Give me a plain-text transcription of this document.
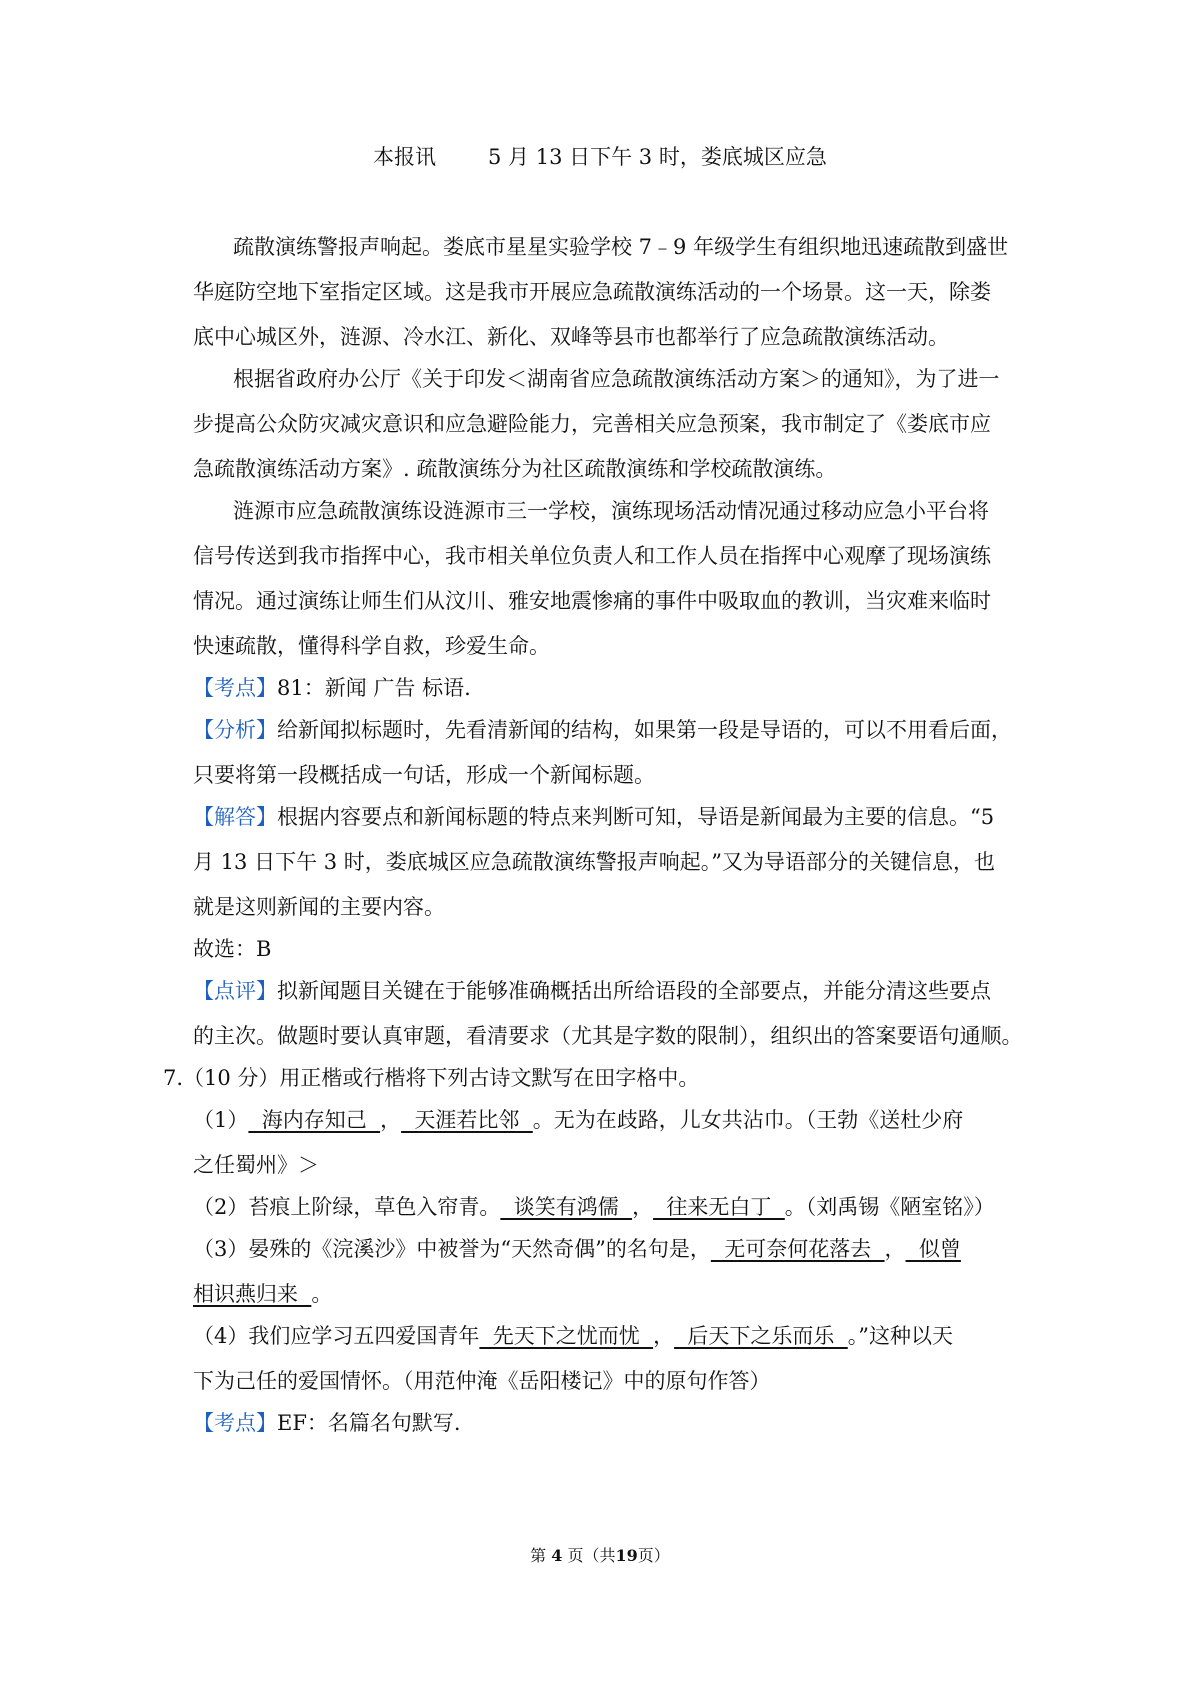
本报讯 5 月 13 日下午 3 时，娄底城区应急
疏散演练警报声响起。娄底市星星实验学校 7﹣9 年级学生有组织地迅速疏散到盛世
华庭防空地下室指定区域。这是我市开展应急疏散演练活动的一个场景。这一天，除娄
底中心城区外，涟源、冷水江、新化、双峰等县市也都举行了应急疏散演练活动。
根据省政府办公厅《关于印发＜湖南省应急疏散演练活动方案＞的通知》，为了进一
步提高公众防灾减灾意识和应急避险能力，完善相关应急预案，我市制定了《娄底市应
急疏散演练活动方案》. 疏散演练分为社区疏散演练和学校疏散演练。
涟源市应急疏散演练设涟源市三一学校，演练现场活动情况通过移动应急小平台将
信号传送到我市指挥中心，我市相关单位负责人和工作人员在指挥中心观摩了现场演练
情况。通过演练让师生们从汶川、雅安地震惨痛的事件中吸取血的教训，当灾难来临时
快速疏散，懂得科学自救，珍爱生命。
【考点】81：新闻 广告 标语.
【分析】给新闻拟标题时，先看清新闻的结构，如果第一段是导语的，可以不用看后面，
只要将第一段概括成一句话，形成一个新闻标题。
【解答】根据内容要点和新闻标题的特点来判断可知，导语是新闻最为主要的信息。“5
月 13 日下午 3 时，娄底城区应急疏散演练警报声响起。”又为导语部分的关键信息，也
就是这则新闻的主要内容。
故选：B
【点评】拟新闻题目关键在于能够准确概括出所给语段的全部要点，并能分清这些要点
的主次。做题时要认真审题，看清要求（尤其是字数的限制），组织出的答案要语句通顺。
7.（10 分）用正楷或行楷将下列古诗文默写在田字格中。
（1）  海内存知己  ，  天涯若比邻  。无为在歧路，儿女共沾巾。（王勃《送杜少府
之任蜀州》＞
（2）苔痕上阶绿，草色入帘青。  谈笑有鸿儒  ，  往来无白丁  。（刘禹锡《陋室铭》）
（3）晏殊的《浣溪沙》中被誉为“天然奇偶”的名句是，  无可奈何花落去  ，  似曾
相识燕归来  。
（4）我们应学习五四爱国青年  先天下之忧而忧  ，  后天下之乐而乐  。”这种以天
下为己任的爱国情怀。（用范仲淹《岳阳楼记》中的原句作答）
【考点】EF：名篇名句默写.
第 4 页（共19页）
